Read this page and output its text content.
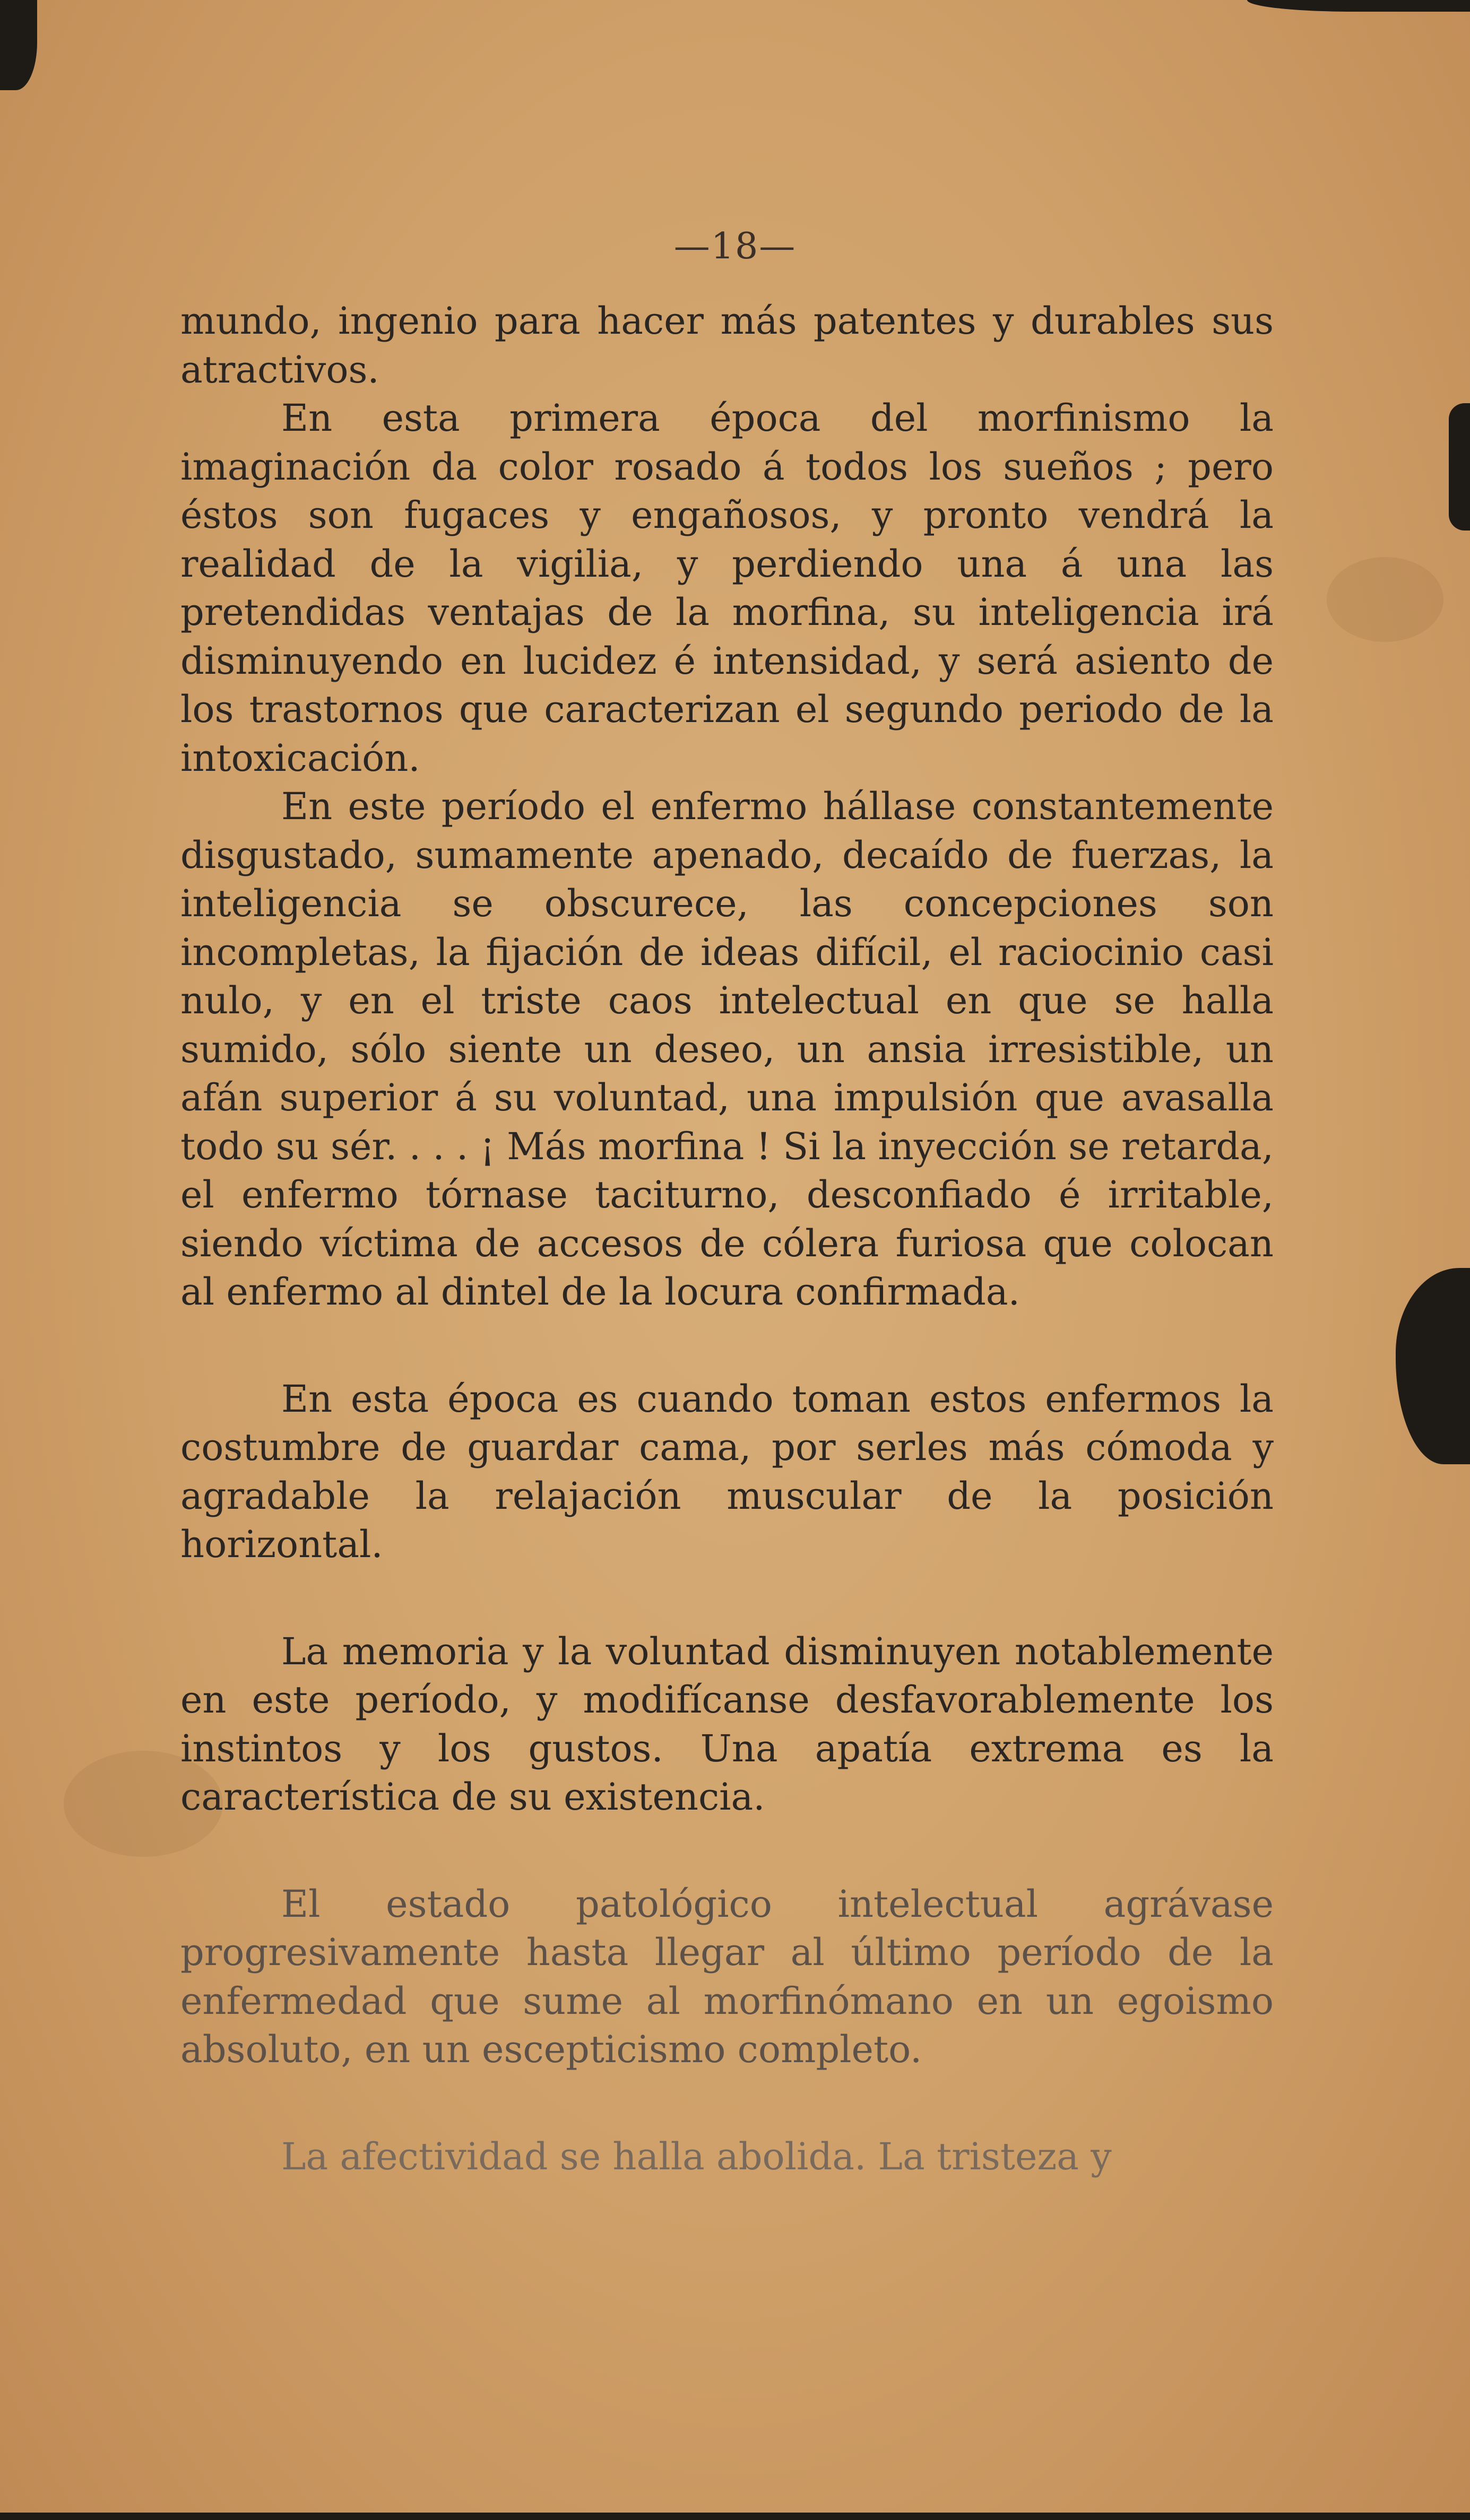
—18—

mundo, ingenio para hacer más patentes y durables sus atractivos.

En esta primera época del morfinismo la imaginación da color rosado á todos los sueños ; pero éstos son fugaces y engañosos, y pronto vendrá la realidad de la vigilia, y perdiendo una á una las pretendidas ventajas de la morfina, su inteligencia irá disminuyendo en lucidez é intensidad, y será asiento de los trastornos que caracterizan el segundo periodo de la intoxicación.

En este período el enfermo hállase constantemente disgustado, sumamente apenado, decaído de fuerzas, la inteligencia se obscurece, las concepciones son incompletas, la fijación de ideas difícil, el raciocinio casi nulo, y en el triste caos intelectual en que se halla sumido, sólo siente un deseo, un ansia irresistible, un afán superior á su voluntad, una impulsión que avasalla todo su sér. . . . ¡ Más morfina ! Si la inyección se retarda, el enfermo tórnase taciturno, desconfiado é irritable, siendo víctima de accesos de cólera furiosa que colocan al enfermo al dintel de la locura confirmada.

En esta época es cuando toman estos enfermos la costumbre de guardar cama, por serles más cómoda y agradable la relajación muscular de la posición horizontal.

La memoria y la voluntad disminuyen notablemente en este período, y modifícanse desfavorablemente los instintos y los gustos. Una apatía extrema es la característica de su existencia.

El estado patológico intelectual agrávase progresivamente hasta llegar al último período de la enfermedad que sume al morfinómano en un egoismo absoluto, en un escepticismo completo.

La afectividad se halla abolida. La tristeza y
